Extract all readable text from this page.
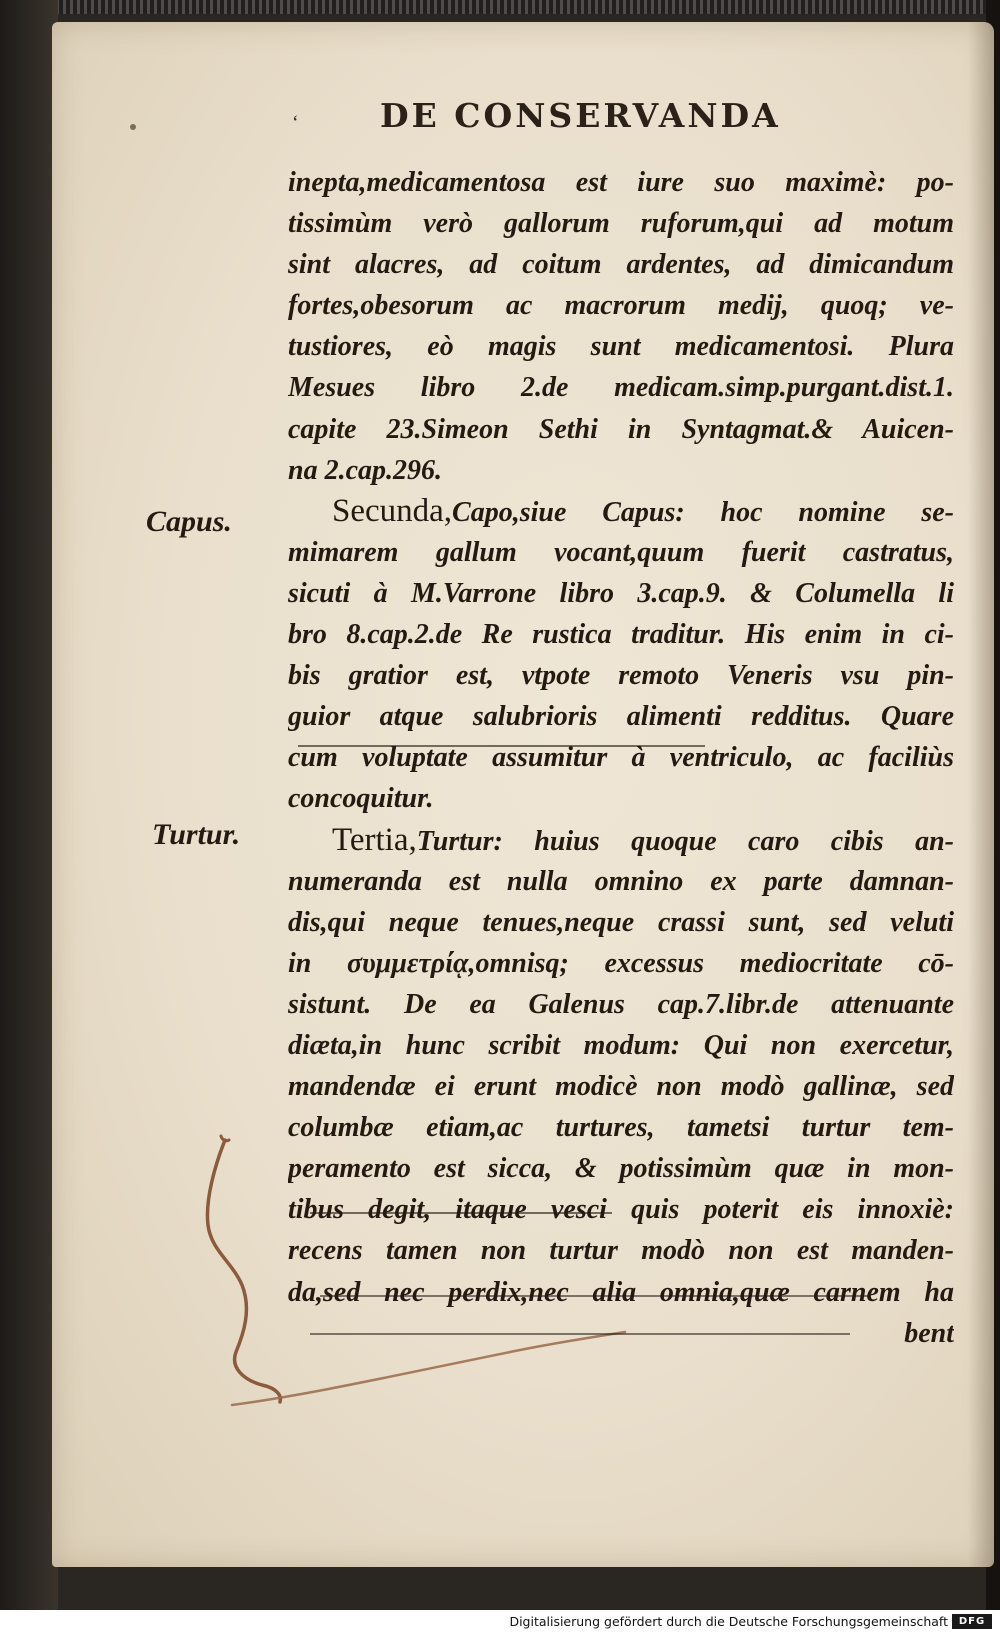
‘ DE CONSERVANDA
Capus.
Turtur.
inepta,medicamentosa est iure suo maximè: po-
tissimùm verò gallorum ruforum,qui ad motum
sint alacres, ad coitum ardentes, ad dimicandum
fortes,obesorum ac macrorum medij, quoq; ve-
tustiores, eò magis sunt medicamentosi. Plura
Mesues libro 2.de medicam.simp.purgant.dist.1.
capite 23.Simeon Sethi in Syntagmat.& Auicen-
na 2.cap.296.
Secunda,Capo,siue Capus: hoc nomine se-
mimarem gallum vocant,quum fuerit castratus,
sicuti à M.Varrone libro 3.cap.9. & Columella li
bro 8.cap.2.de Re rustica traditur. His enim in ci-
bis gratior est, vtpote remoto Veneris vsu pin-
guior atque salubrioris alimenti redditus. Quare
cum voluptate assumitur à ventriculo, ac faciliùs
concoquitur.
Tertia,Turtur: huius quoque caro cibis an-
numeranda est nulla omnino ex parte damnan-
dis,qui neque tenues,neque crassi sunt, sed veluti
in συμμετρίᾳ,omnisq; excessus mediocritate cō-
sistunt. De ea Galenus cap.7.libr.de attenuante
diæta,in hunc scribit modum: Qui non exercetur,
mandendæ ei erunt modicè non modò gallinæ, sed
columbæ etiam,ac turtures, tametsi turtur tem-
peramento est sicca, & potissimùm quæ in mon-
tibus degit, itaque vesci quis poterit eis innoxiè:
recens tamen non turtur modò non est manden-
da,sed nec perdix,nec alia omnia,quæ carnem ha
bent
Digitalisierung gefördert durch die Deutsche Forschungsgemeinschaft	DFG
